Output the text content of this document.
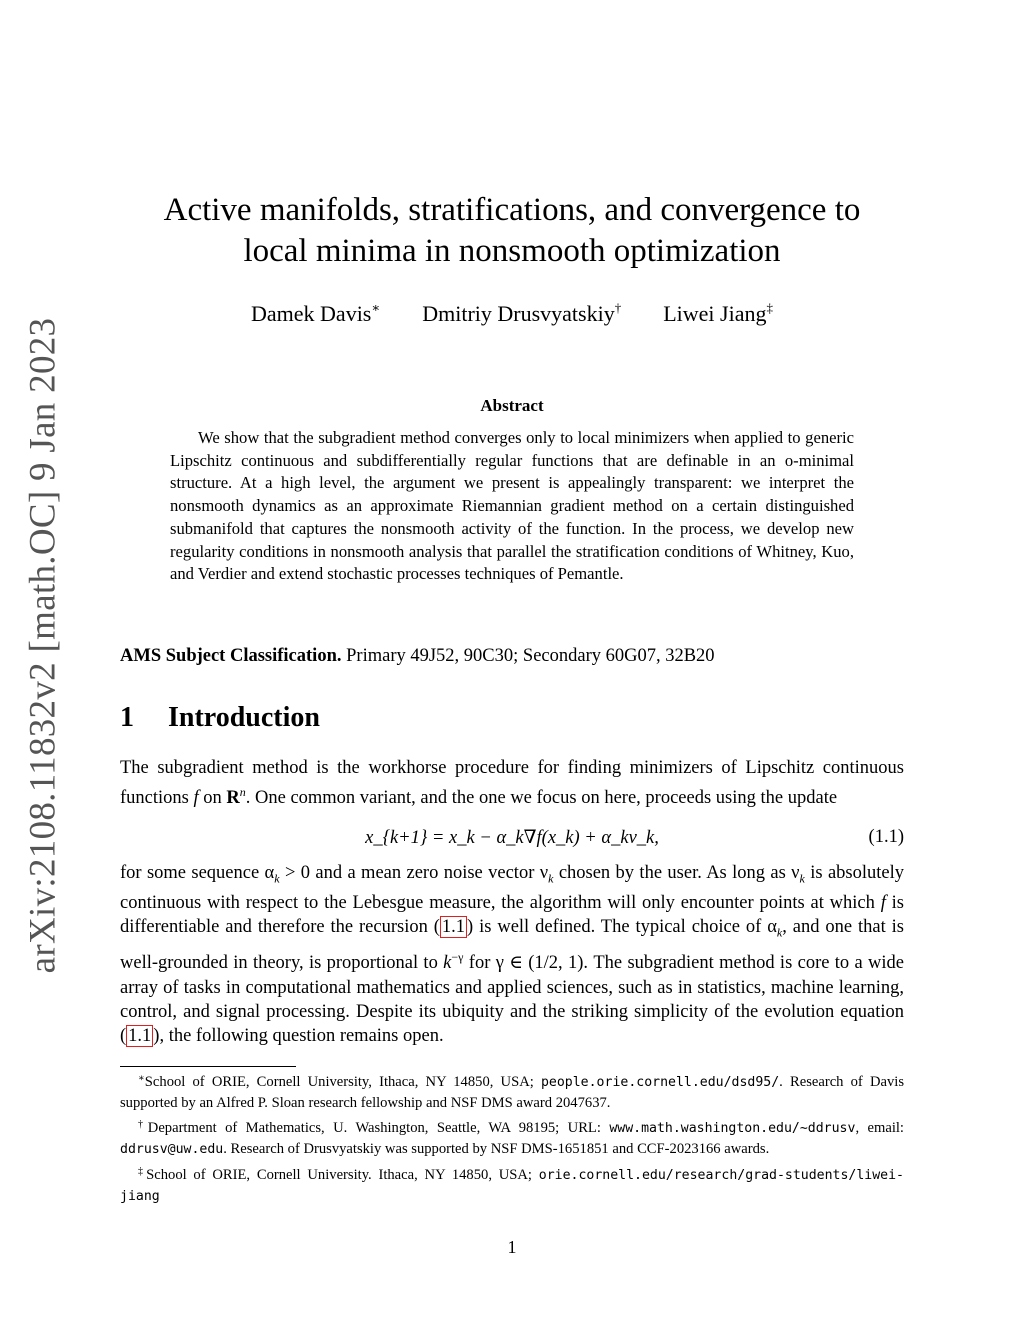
arXiv:2108.11832v2 [math.OC] 9 Jan 2023
Active manifolds, stratifications, and convergence to
local minima in nonsmooth optimization
Damek Davis∗ Dmitriy Drusvyatskiy† Liwei Jiang‡
Abstract
We show that the subgradient method converges only to local minimizers when applied to generic Lipschitz continuous and subdifferentially regular functions that are definable in an o-minimal structure. At a high level, the argument we present is appealingly transparent: we interpret the nonsmooth dynamics as an approximate Riemannian gradient method on a certain distinguished submanifold that captures the nonsmooth activity of the function. In the process, we develop new regularity conditions in nonsmooth analysis that parallel the stratification conditions of Whitney, Kuo, and Verdier and extend stochastic processes techniques of Pemantle.
AMS Subject Classification. Primary 49J52, 90C30; Secondary 60G07, 32B20
1 Introduction
The subgradient method is the workhorse procedure for finding minimizers of Lipschitz continuous functions f on $R^n$. One common variant, and the one we focus on here, proceeds using the update
x_{k+1} = x_k − α_k∇f(x_k) + α_kν_k,	(1.1)
for some sequence $\alpha_k > 0$ and a mean zero noise vector $\nu_k$ chosen by the user. As long as $\nu_k$ is absolutely continuous with respect to the Lebesgue measure, the algorithm will only encounter points at which f is differentiable and therefore the recursion ( 1.1 ) is well defined. The typical choice of $\alpha_k$, and one that is well-grounded in theory, is proportional to $k^{-\gamma}$ for γ ∈ (1/2, 1). The subgradient method is core to a wide array of tasks in computational mathematics and applied sciences, such as in statistics, machine learning, control, and signal processing. Despite its ubiquity and the striking simplicity of the evolution equation ( 1.1 ), the following question remains open.
∗School of ORIE, Cornell University, Ithaca, NY 14850, USA; people.orie.cornell.edu/dsd95/. Research of Davis supported by an Alfred P. Sloan research fellowship and NSF DMS award 2047637.
†Department of Mathematics, U. Washington, Seattle, WA 98195; URL: www.math.washington.edu/∼ddrusv, email: ddrusv@uw.edu. Research of Drusvyatskiy was supported by NSF DMS-1651851 and CCF-2023166 awards.
‡School of ORIE, Cornell University. Ithaca, NY 14850, USA; orie.cornell.edu/research/grad-students/liwei-jiang
1
